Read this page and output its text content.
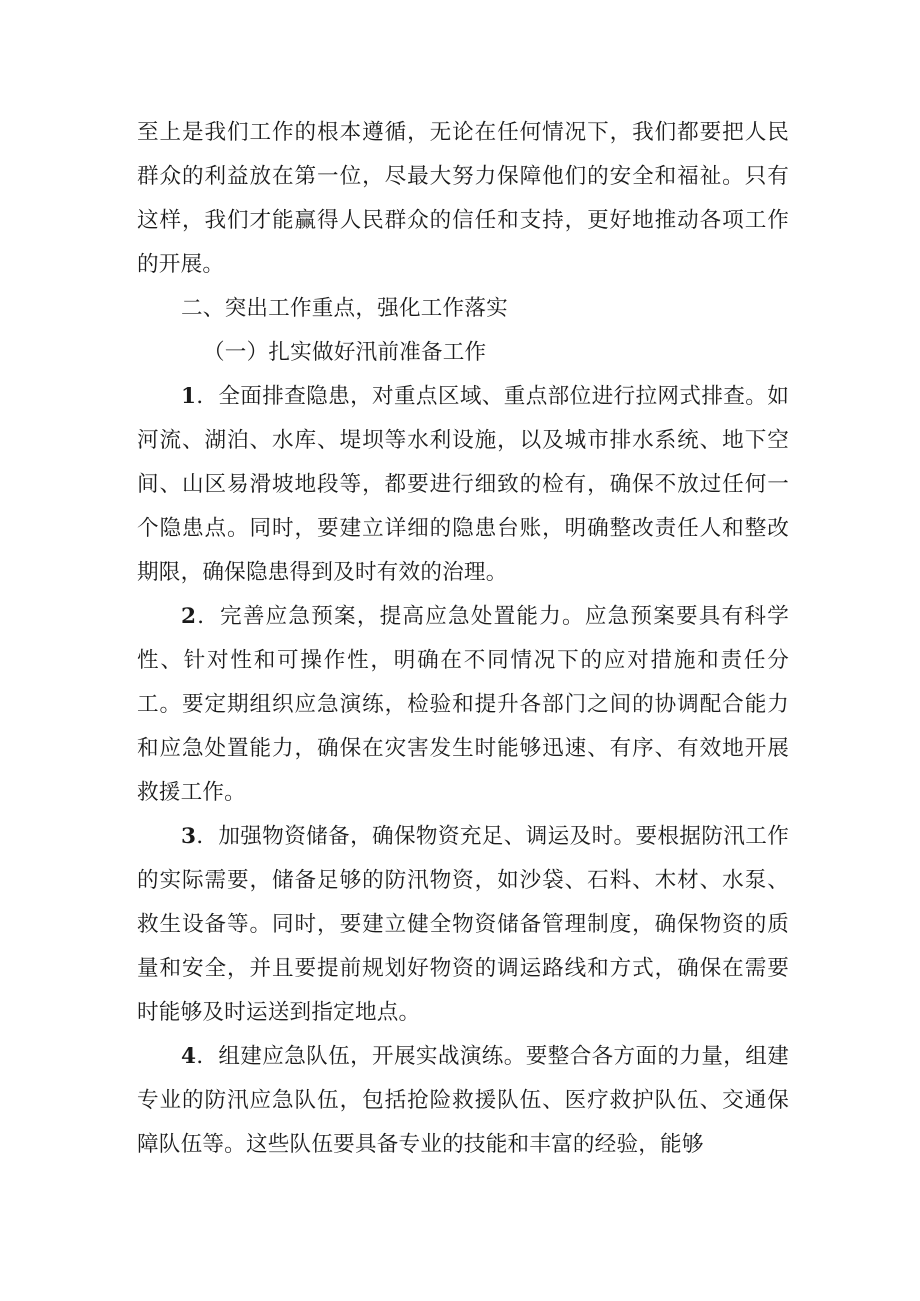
至上是我们工作的根本遵循，无论在任何情况下，我们都要把人民群众的利益放在第一位，尽最大努力保障他们的安全和福祉。只有这样，我们才能赢得人民群众的信任和支持，更好地推动各项工作的开展。

二、突出工作重点，强化工作落实

（一）扎实做好汛前准备工作

1．全面排查隐患，对重点区域、重点部位进行拉网式排查。如河流、湖泊、水库、堤坝等水利设施，以及城市排水系统、地下空间、山区易滑坡地段等，都要进行细致的检有，确保不放过任何一个隐患点。同时，要建立详细的隐患台账，明确整改责任人和整改期限，确保隐患得到及时有效的治理。

2．完善应急预案，提高应急处置能力。应急预案要具有科学性、针对性和可操作性，明确在不同情况下的应对措施和责任分工。要定期组织应急演练，检验和提升各部门之间的协调配合能力和应急处置能力，确保在灾害发生时能够迅速、有序、有效地开展救援工作。

3．加强物资储备，确保物资充足、调运及时。要根据防汛工作的实际需要，储备足够的防汛物资，如沙袋、石料、木材、水泵、救生设备等。同时，要建立健全物资储备管理制度，确保物资的质量和安全，并且要提前规划好物资的调运路线和方式，确保在需要时能够及时运送到指定地点。

4．组建应急队伍，开展实战演练。要整合各方面的力量，组建专业的防汛应急队伍，包括抢险救援队伍、医疗救护队伍、交通保障队伍等。这些队伍要具备专业的技能和丰富的经验，能够
